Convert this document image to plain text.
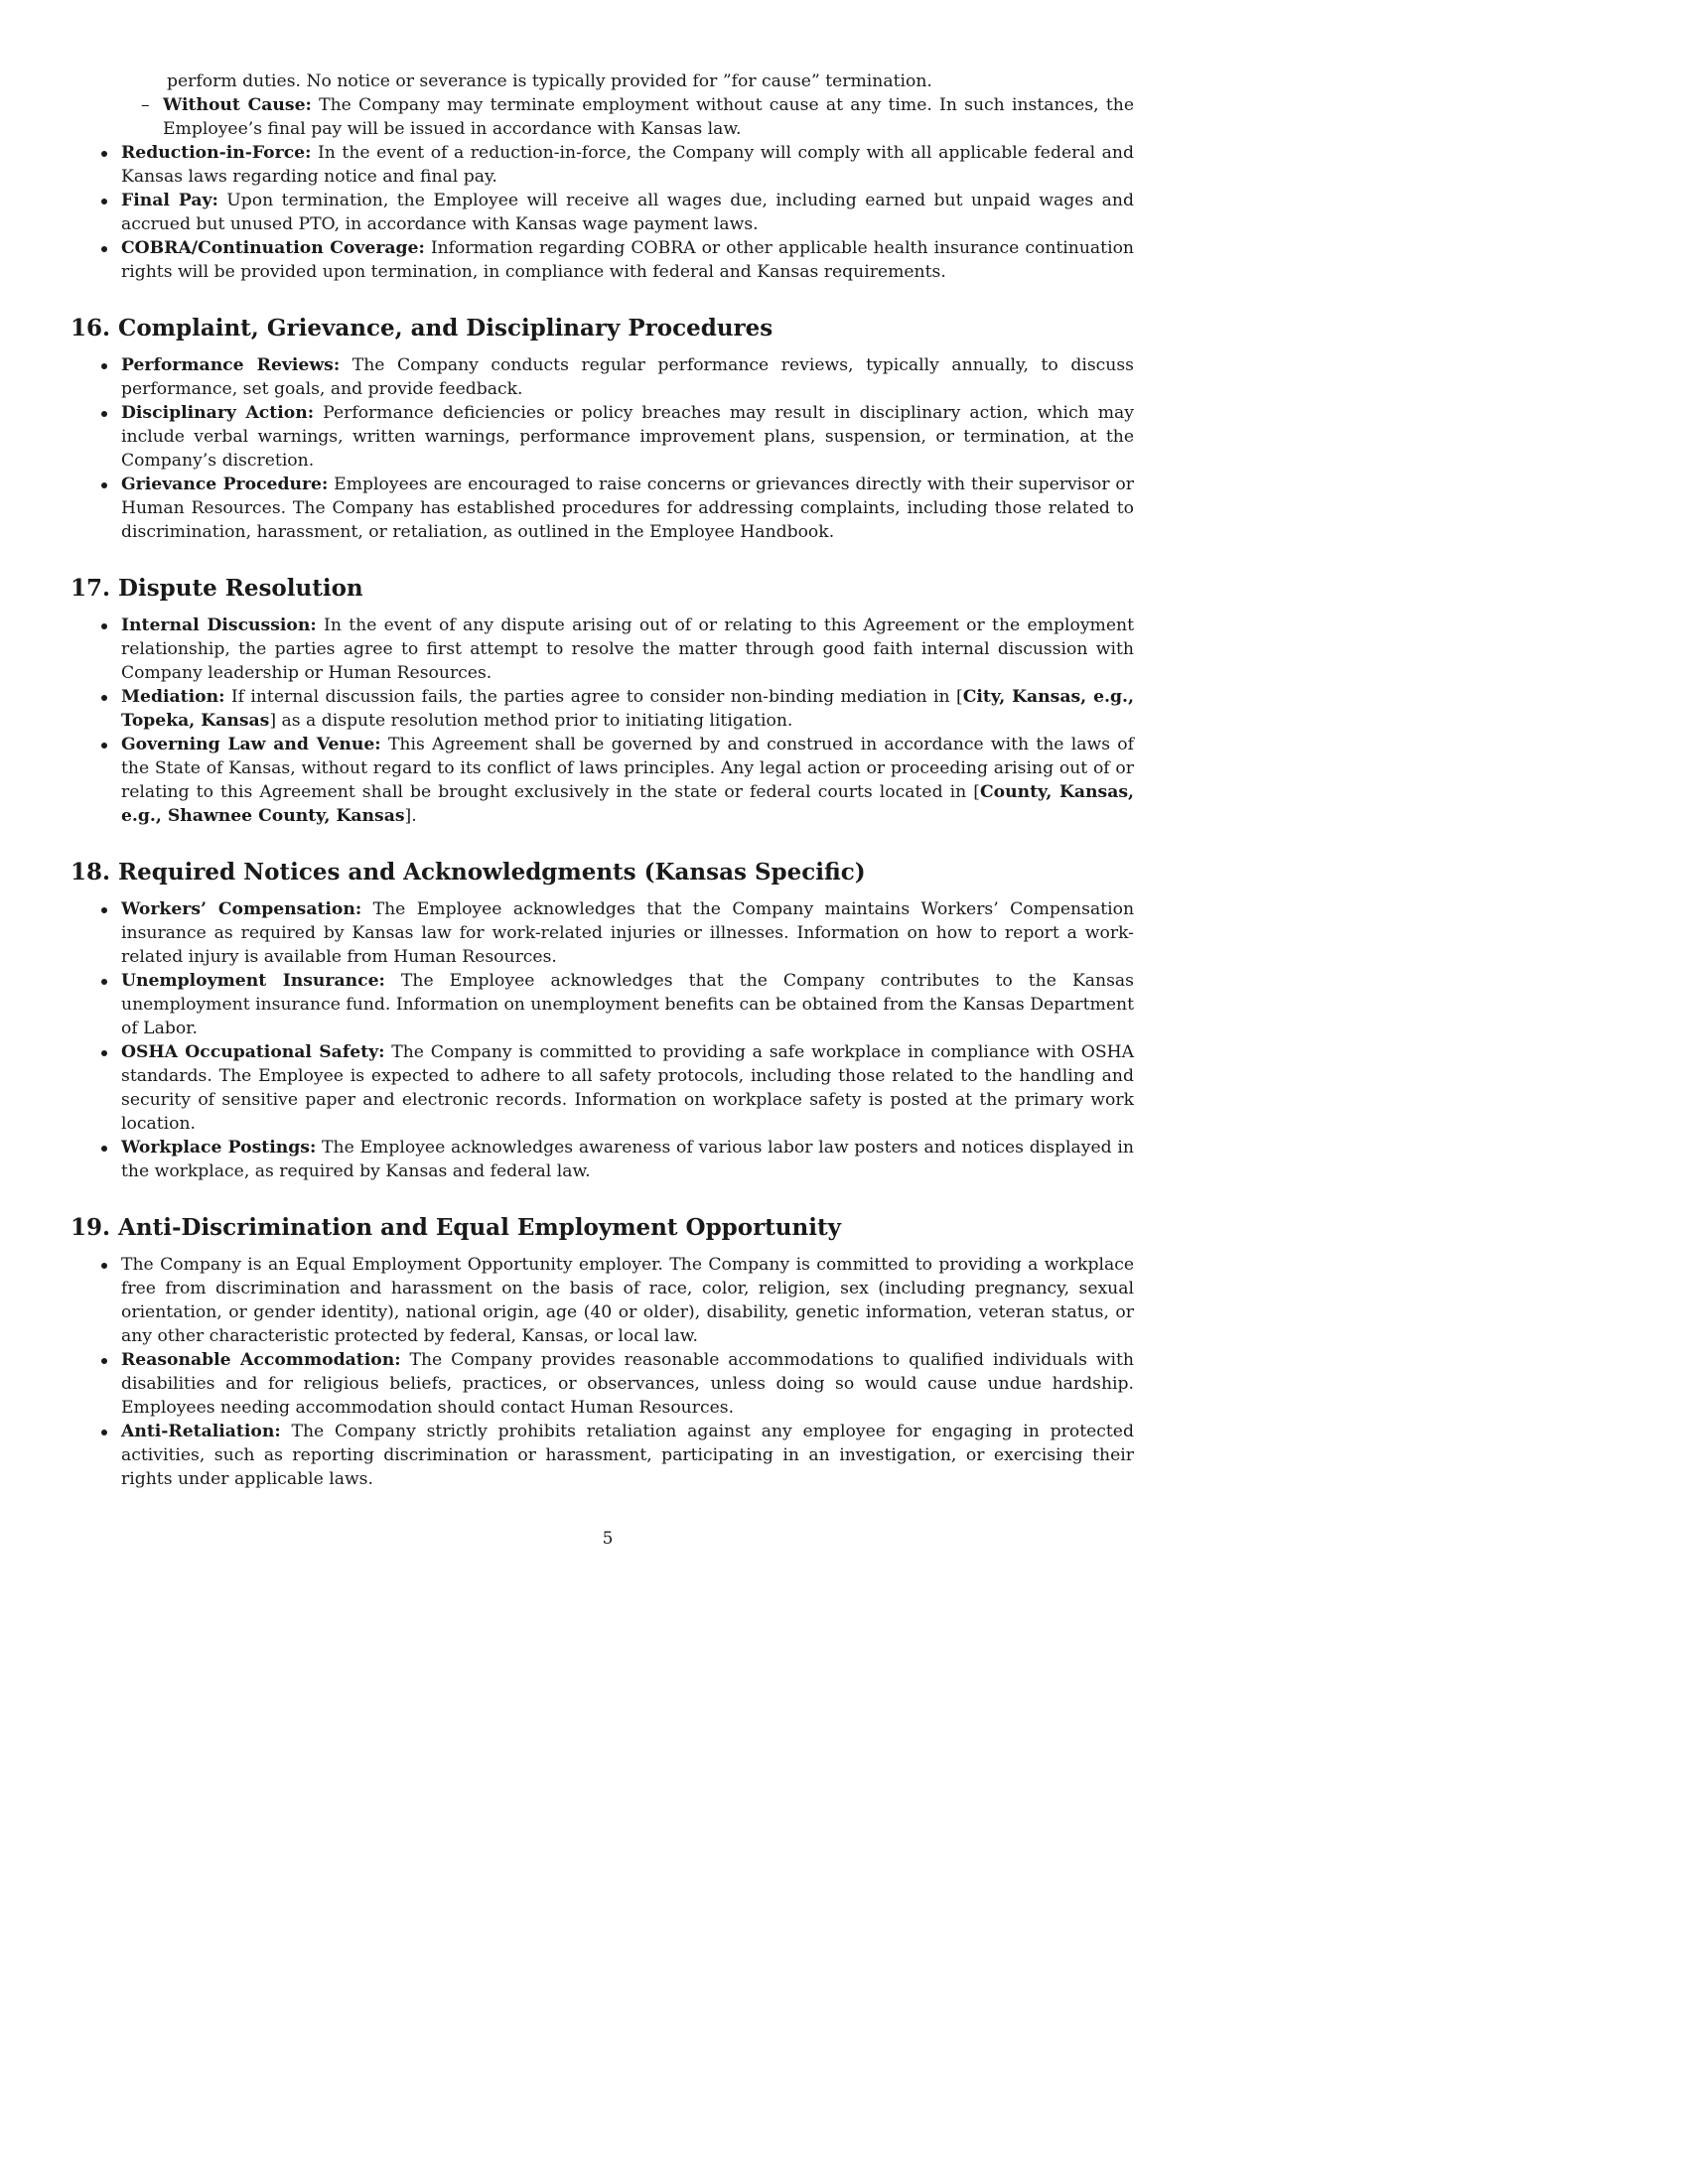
perform duties. No notice or severance is typically provided for ”for cause” termination.
– Without Cause: The Company may terminate employment without cause at any time. In such instances, the Employee’s final pay will be issued in accordance with Kansas law.
Reduction-in-Force: In the event of a reduction-in-force, the Company will comply with all applicable federal and Kansas laws regarding notice and final pay.
Final Pay: Upon termination, the Employee will receive all wages due, including earned but unpaid wages and accrued but unused PTO, in accordance with Kansas wage payment laws.
COBRA/Continuation Coverage: Information regarding COBRA or other applicable health insurance continuation rights will be provided upon termination, in compliance with federal and Kansas requirements.
16. Complaint, Grievance, and Disciplinary Procedures
Performance Reviews: The Company conducts regular performance reviews, typically annually, to discuss performance, set goals, and provide feedback.
Disciplinary Action: Performance deficiencies or policy breaches may result in disciplinary action, which may include verbal warnings, written warnings, performance improvement plans, suspension, or termination, at the Company’s discretion.
Grievance Procedure: Employees are encouraged to raise concerns or grievances directly with their supervisor or Human Resources. The Company has established procedures for addressing complaints, including those related to discrimination, harassment, or retaliation, as outlined in the Employee Handbook.
17. Dispute Resolution
Internal Discussion: In the event of any dispute arising out of or relating to this Agreement or the employment relationship, the parties agree to first attempt to resolve the matter through good faith internal discussion with Company leadership or Human Resources.
Mediation: If internal discussion fails, the parties agree to consider non-binding mediation in [City, Kansas, e.g., Topeka, Kansas] as a dispute resolution method prior to initiating litigation.
Governing Law and Venue: This Agreement shall be governed by and construed in accordance with the laws of the State of Kansas, without regard to its conflict of laws principles. Any legal action or proceeding arising out of or relating to this Agreement shall be brought exclusively in the state or federal courts located in [County, Kansas, e.g., Shawnee County, Kansas].
18. Required Notices and Acknowledgments (Kansas Specific)
Workers’ Compensation: The Employee acknowledges that the Company maintains Workers’ Compensation insurance as required by Kansas law for work-related injuries or illnesses. Information on how to report a work-related injury is available from Human Resources.
Unemployment Insurance: The Employee acknowledges that the Company contributes to the Kansas unemployment insurance fund. Information on unemployment benefits can be obtained from the Kansas Department of Labor.
OSHA Occupational Safety: The Company is committed to providing a safe workplace in compliance with OSHA standards. The Employee is expected to adhere to all safety protocols, including those related to the handling and security of sensitive paper and electronic records. Information on workplace safety is posted at the primary work location.
Workplace Postings: The Employee acknowledges awareness of various labor law posters and notices displayed in the workplace, as required by Kansas and federal law.
19. Anti-Discrimination and Equal Employment Opportunity
The Company is an Equal Employment Opportunity employer. The Company is committed to providing a workplace free from discrimination and harassment on the basis of race, color, religion, sex (including pregnancy, sexual orientation, or gender identity), national origin, age (40 or older), disability, genetic information, veteran status, or any other characteristic protected by federal, Kansas, or local law.
Reasonable Accommodation: The Company provides reasonable accommodations to qualified individuals with disabilities and for religious beliefs, practices, or observances, unless doing so would cause undue hardship. Employees needing accommodation should contact Human Resources.
Anti-Retaliation: The Company strictly prohibits retaliation against any employee for engaging in protected activities, such as reporting discrimination or harassment, participating in an investigation, or exercising their rights under applicable laws.
5
